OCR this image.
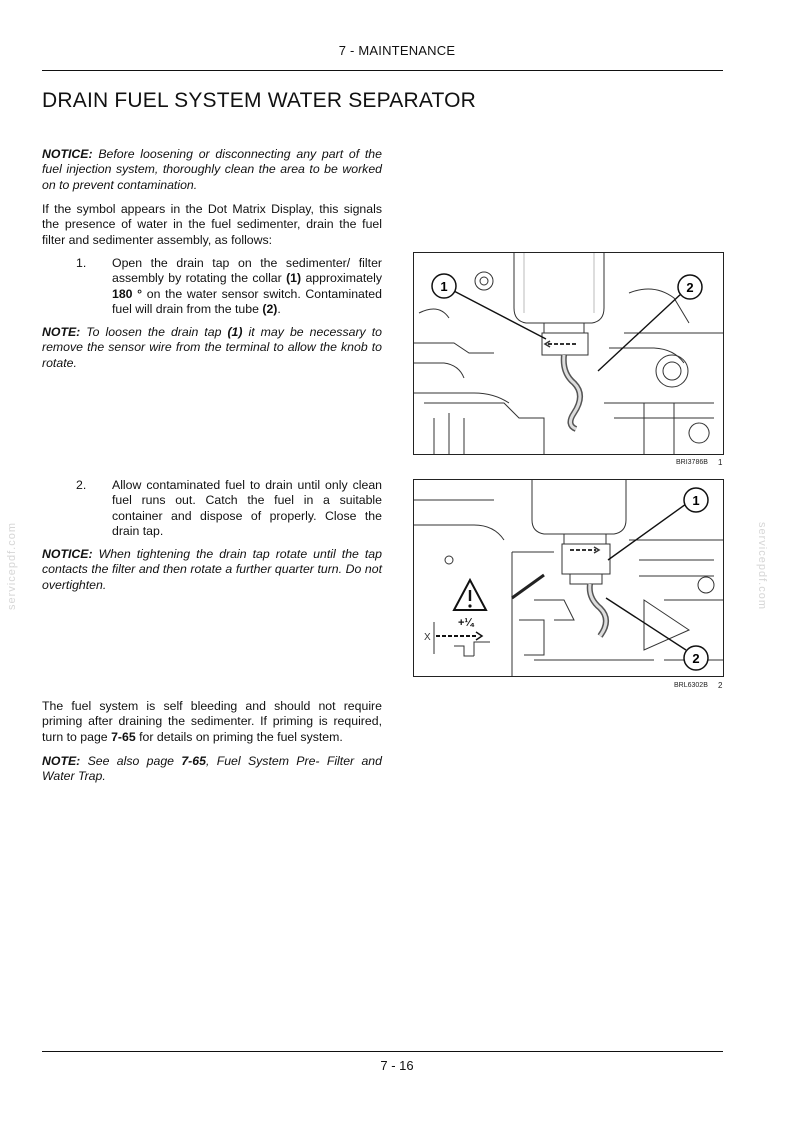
7 - MAINTENANCE
DRAIN FUEL SYSTEM WATER SEPARATOR

NOTICE: Before loosening or disconnecting any part of the fuel injection system, thoroughly clean the area to be worked on to prevent contamination.

If the symbol appears in the Dot Matrix Display, this signals the presence of water in the fuel sedimenter, drain the fuel filter and sedimenter assembly, as follows:

1. Open the drain tap on the sedimenter/ filter assembly by rotating the collar (1) approximately 180 ° on the water sensor switch. Contaminated fuel will drain from the tube (2).

NOTE: To loosen the drain tap (1) it may be necessary to remove the sensor wire from the terminal to allow the knob to rotate.

2. Allow contaminated fuel to drain until only clean fuel runs out. Catch the fuel in a suitable container and dispose of properly. Close the drain tap.

NOTICE: When tightening the drain tap rotate until the tap contacts the filter and then rotate a further quarter turn. Do not overtighten.

The fuel system is self bleeding and should not require priming after draining the sedimenter. If priming is required, turn to page 7-65 for details on priming the fuel system.

NOTE: See also page 7-65, Fuel System Pre- Filter and Water Trap.

1	2
BRI3786B 1
+¼
X
1
2
BRL6302B 2
servicepdf.com	servicepdf.com
7 - 16
